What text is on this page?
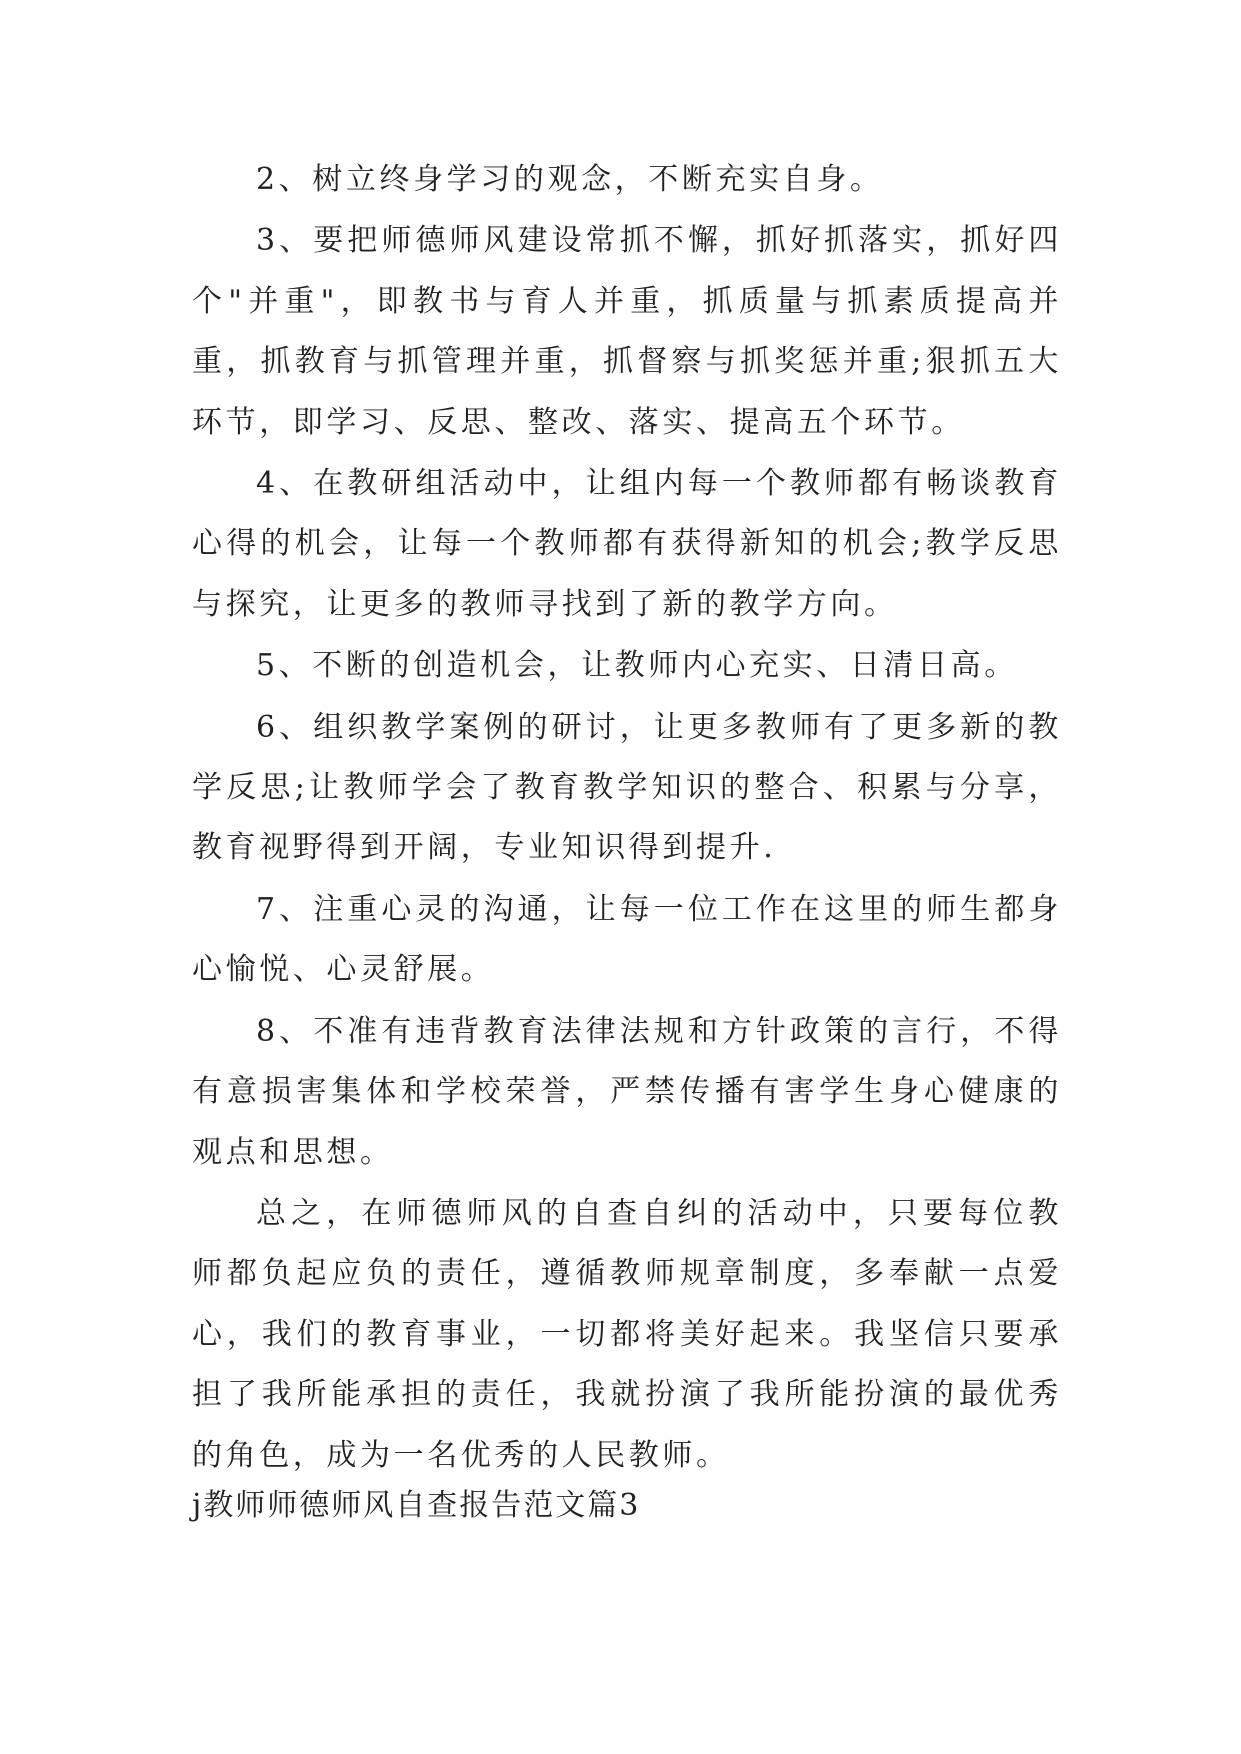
2、树立终身学习的观念，不断充实自身。

3、要把师德师风建设常抓不懈，抓好抓落实，抓好四个"并重"，即教书与育人并重，抓质量与抓素质提高并重，抓教育与抓管理并重，抓督察与抓奖惩并重;狠抓五大环节，即学习、反思、整改、落实、提高五个环节。

4、在教研组活动中，让组内每一个教师都有畅谈教育心得的机会，让每一个教师都有获得新知的机会;教学反思与探究，让更多的教师寻找到了新的教学方向。

5、不断的创造机会，让教师内心充实、日清日高。

6、组织教学案例的研讨，让更多教师有了更多新的教学反思;让教师学会了教育教学知识的整合、积累与分享，教育视野得到开阔，专业知识得到提升.

7、注重心灵的沟通，让每一位工作在这里的师生都身心愉悦、心灵舒展。

8、不准有违背教育法律法规和方针政策的言行，不得有意损害集体和学校荣誉，严禁传播有害学生身心健康的观点和思想。

总之，在师德师风的自查自纠的活动中，只要每位教师都负起应负的责任，遵循教师规章制度，多奉献一点爱心，我们的教育事业，一切都将美好起来。我坚信只要承担了我所能承担的责任，我就扮演了我所能扮演的最优秀的角色，成为一名优秀的人民教师。

j教师师德师风自查报告范文篇3
